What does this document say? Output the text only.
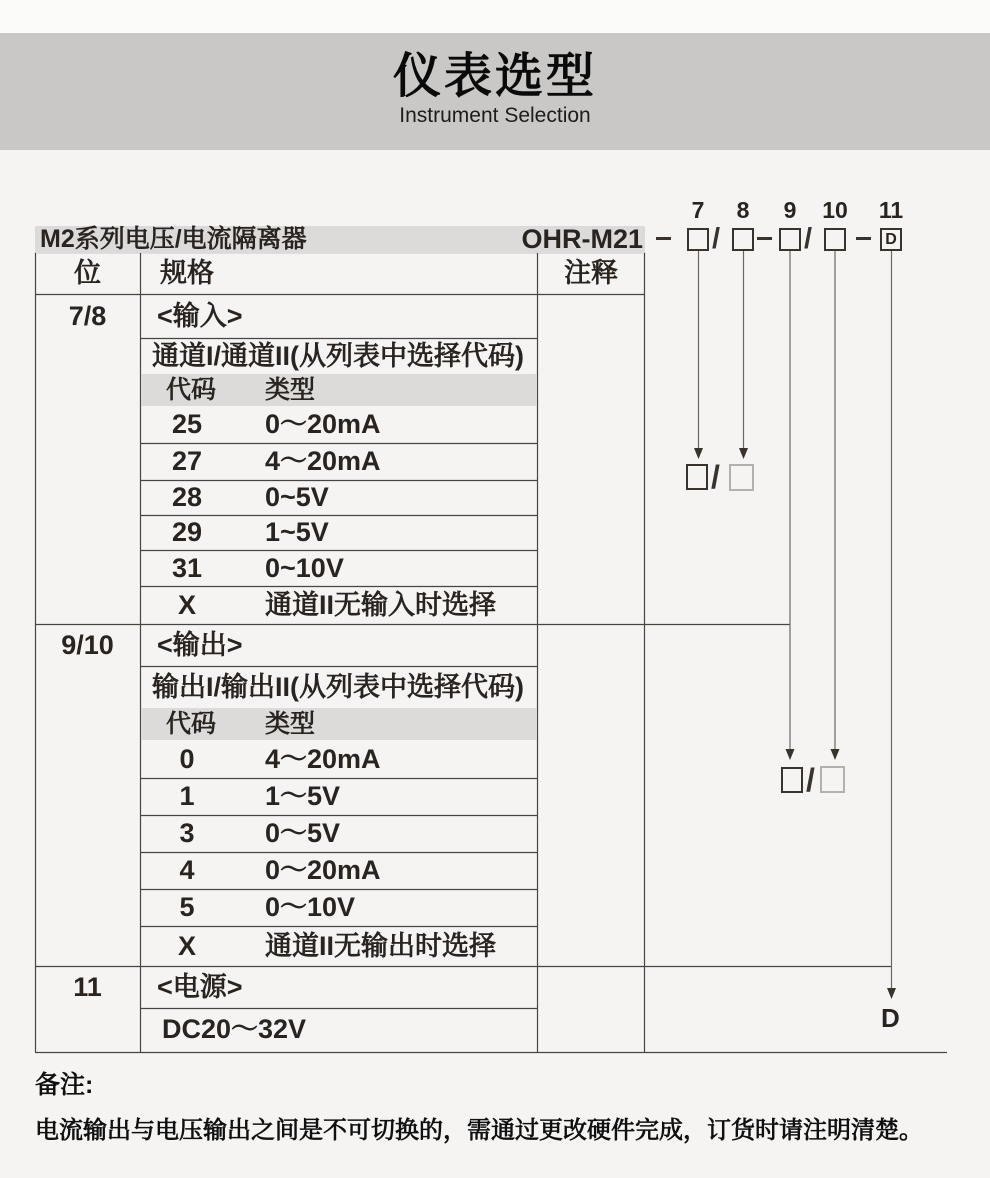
仪表选型
Instrument Selection
M2系列电压/电流隔离器	OHR-M21
7 8 9 10 11
/	/	D
/
/
D
位	规格	注释
7/8	<输入>
通道I/通道II(从列表中选择代码)
代码 类型
25	0〜20mA
27	4〜20mA
28	0~5V
29	1~5V
31	0~10V
X	通道II无输入时选择
9/10	<输出>
输出I/输出II(从列表中选择代码)
代码 类型
0	4〜20mA
1	1〜5V
3	0〜5V
4	0〜20mA
5	0〜10V
X	通道II无输出时选择
11	<电源>
DC20〜32V
备注:
电流输出与电压输出之间是不可切换的，需通过更改硬件完成，订货时请注明清楚。
